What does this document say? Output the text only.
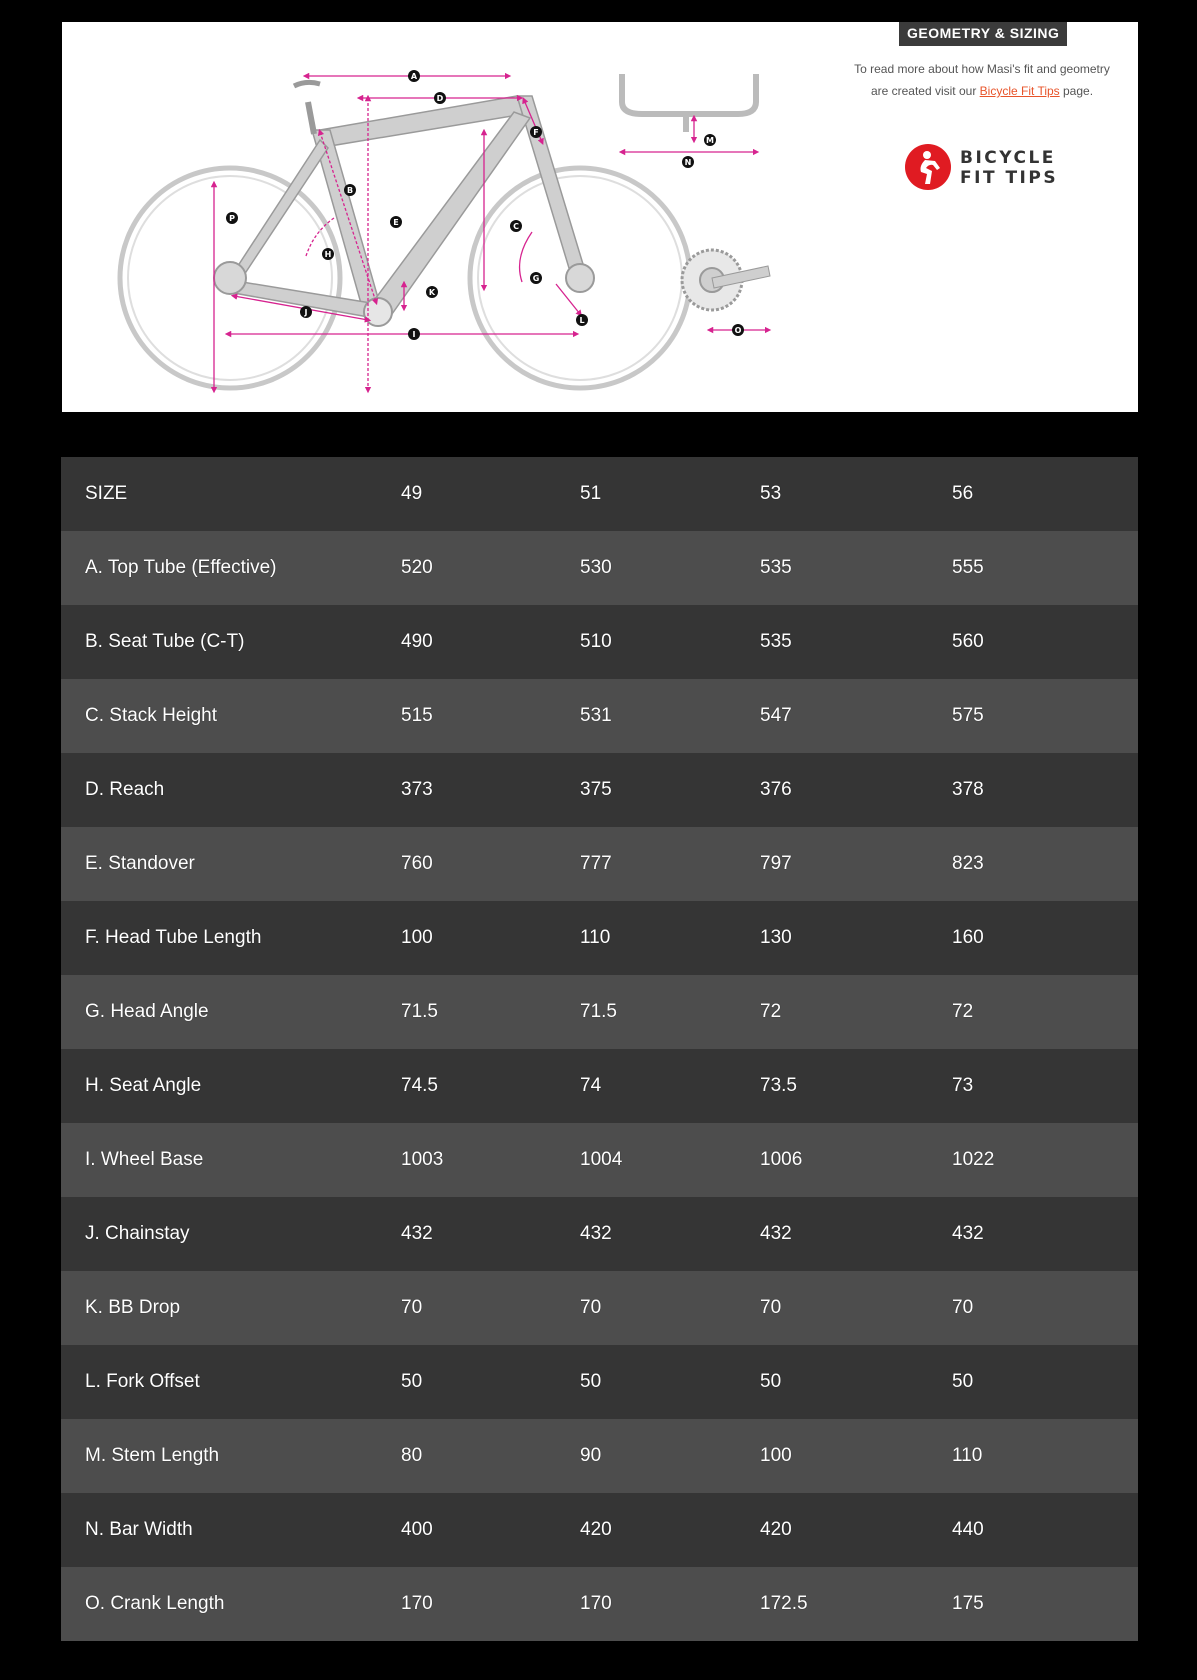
A
B
C
D
E
F
G
H
I
J
K
L
M
N
O
P
GEOMETRY & SIZING
To read more about how Masi's fit and geometry
are created visit our Bicycle Fit Tips page.
BICYCLE
FIT TIPS
SIZE	49	51	53	56
A. Top Tube (Effective)	520	530	535	555
B. Seat Tube (C-T)	490	510	535	560
C. Stack Height	515	531	547	575
D. Reach	373	375	376	378
E. Standover	760	777	797	823
F. Head Tube Length	100	110	130	160
G. Head Angle	71.5	71.5	72	72
H. Seat Angle	74.5	74	73.5	73
I. Wheel Base	1003	1004	1006	1022
J. Chainstay	432	432	432	432
K. BB Drop	70	70	70	70
L. Fork Offset	50	50	50	50
M. Stem Length	80	90	100	110
N. Bar Width	400	420	420	440
O. Crank Length	170	170	172.5	175
